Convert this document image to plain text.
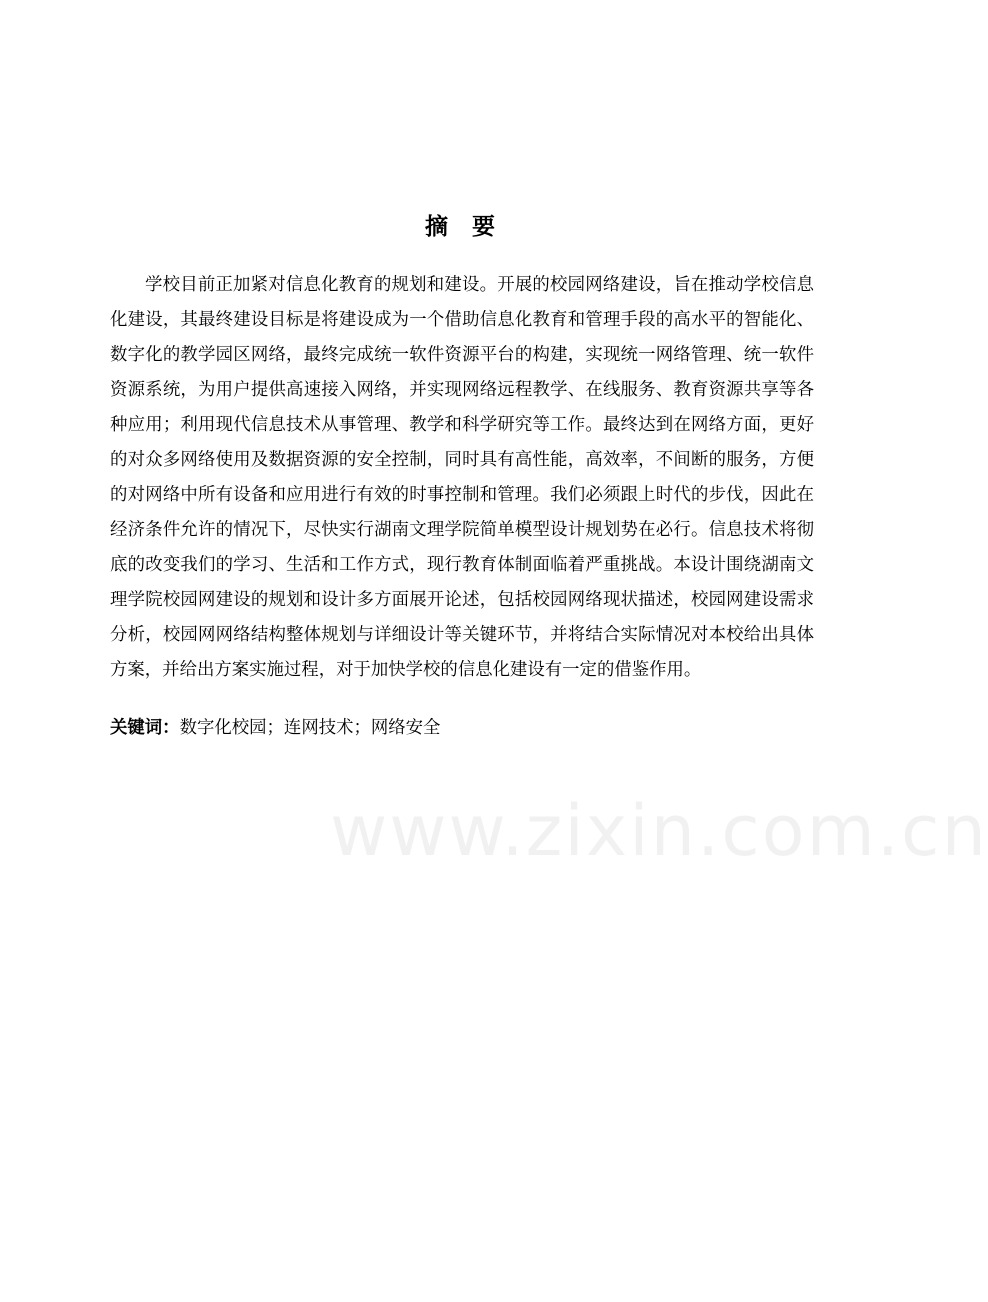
摘 要

学校目前正加紧对信息化教育的规划和建设。开展的校园网络建设，旨在推动学校信息化建设，其最终建设目标是将建设成为一个借助信息化教育和管理手段的高水平的智能化、数字化的教学园区网络，最终完成统一软件资源平台的构建，实现统一网络管理、统一软件资源系统，为用户提供高速接入网络，并实现网络远程教学、在线服务、教育资源共享等各种应用；利用现代信息技术从事管理、教学和科学研究等工作。最终达到在网络方面，更好的对众多网络使用及数据资源的安全控制，同时具有高性能，高效率，不间断的服务，方便的对网络中所有设备和应用进行有效的时事控制和管理。我们必须跟上时代的步伐，因此在经济条件允许的情况下，尽快实行湖南文理学院简单模型设计规划势在必行。信息技术将彻底的改变我们的学习、生活和工作方式，现行教育体制面临着严重挑战。本设计围绕湖南文理学院校园网建设的规划和设计多方面展开论述，包括校园网络现状描述，校园网建设需求分析，校园网网络结构整体规划与详细设计等关键环节，并将结合实际情况对本校给出具体方案，并给出方案实施过程，对于加快学校的信息化建设有一定的借鉴作用。

关键词：数字化校园；连网技术；网络安全

www.zixin.com.cn
